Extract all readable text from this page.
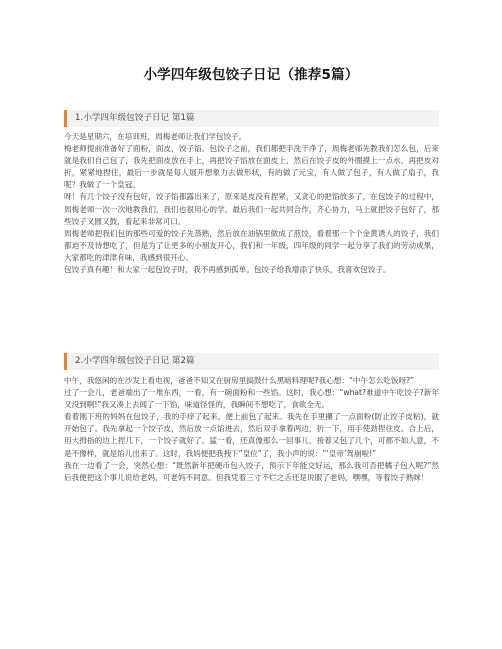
小学四年级包饺子日记（推荐5篇）
1.小学四年级包饺子日记 第1篇

今天是星期六，在培训班，周梅老师让我们学包饺子。

梅老师提前准备好了面粉，面皮，饺子馅。包饺子之前，我们都把手洗干净了，周梅老师先教我们怎么包，后来就是我们自己包了，我先把面皮放在手上，再把饺子馅放在面皮上，然后在饺子皮的外圈摸上一点水，再把皮对折，紧紧地捏住，最后一步就是每人展开想象力去做形状，有的做了元宝，有人做了包子，有人做了扇子，我呢？我做了一个皇冠。

呀！有几个饺子没有包好，饺子馅都露出来了，原来是皮没有捏紧，又贪心的把馅放多了，在包饺子的过程中，周梅老师一次一次地教我们，我们也很用心的学，最后我们一起共同合作，齐心协力，马上就把饺子包好了，那些饺子又圆又鼓，看起来非常可口。

周梅老师把我们包的那些可爱的饺子先蒸熟，然后放在油锅里做成了煎饺，看着那一个个金黄诱人的饺子，我们都迫不及待想吃了，但是为了让更多的小朋友开心，我们和一年级，四年级的同学一起分享了我们的劳动成果，大家都吃的津津有味，我感到很开心。

包饺子真有趣！和大家一起包饺子时，我不再感到孤单。包饺子给我增添了快乐，我喜欢包饺子。

2.小学四年级包饺子日记 第2篇

中午，我悠闲的在沙发上看电视，爸爸不知又在厨房里搞鼓什么黑暗料理呢?我心想：“中午怎么吃饭呀?”

过了一会儿，老爸端出了一堆东西，一看，有一碗面粉和一些馅。这时，我心想：“what?难道中午吃饺子?新年又没到啊!”我又凑上去闻了一下馅，味道怪怪的，我瞬间不想吃了，食欲全无。

看着刚下班的妈妈在包饺子，我的手痒了起来，便上前包了起来。我先在手里攥了一点面粉(防止饺子皮粘)，就开始包了。我先拿起一个饺子皮，然后放一点馅进去，然后双手拿着两边，折一下，用手使劲捏住皮。合上后，用大拇指的边上捏几下，一个饺子就好了。猛一看，还真像那么一回事儿，接着又包了几个，可都不如人意，不是不像样，就是馅儿出来了。这时，我妈便把我拽下“皇位”了，我小声的说：“‘皇帝’驾崩啦!”

我在一边看了一会，突然心想：“既然新年把硬币包入饺子，预示下年能交好运，那么我可否把橘子包入呢?”然后我便把这个事儿说给老妈，可老妈不同意。但我凭着三寸不烂之舌还是说服了老妈，嘿嘿，等着饺子熟咪！
